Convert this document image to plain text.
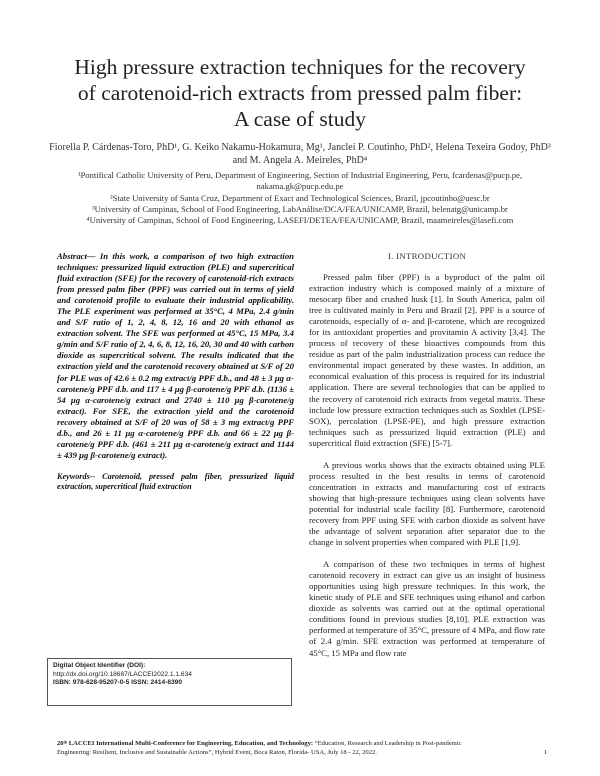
High pressure extraction techniques for the recovery
of carotenoid-rich extracts from pressed palm fiber:
A case of study
Fiorella P. Cárdenas-Toro, PhD¹, G. Keiko Nakamu-Hokamura, Mg¹, Janclei P. Coutinho, PhD², Helena Texeira Godoy, PhD³
and M. Angela A. Meireles, PhD⁴
¹Pontifical Catholic University of Peru, Department of Engineering, Section of Industrial Engineering, Peru, fcardenas@pucp.pe,
nakama.gk@pucp.edu.pe
²State University of Santa Cruz, Department of Exact and Technological Sciences, Brazil, jpcoutinho@uesc.br
³University of Campinas, School of Food Engineering, LabAnálise/DCA/FEA/UNICAMP, Brazil, helenatg@unicamp.br
⁴University of Campinas, School of Food Engineering, LASEFI/DETEA/FEA/UNICAMP, Brazil, maameireles@lasefi.com

Abstract— In this work, a comparison of two high extraction techniques: pressurized liquid extraction (PLE) and supercritical fluid extraction (SFE) for the recovery of carotenoid-rich extracts from pressed palm fiber (PPF) was carried out in terms of yield and carotenoid profile to evaluate their industrial applicability. The PLE experiment was performed at 35°C, 4 MPa, 2.4 g/min and S/F ratio of 1, 2, 4, 8, 12, 16 and 20 with ethanol as extraction solvent. The SFE was performed at 45°C, 15 MPa, 3.4 g/min and S/F ratio of 2, 4, 6, 8, 12, 16, 20, 30 and 40 with carbon dioxide as supercritical solvent. The results indicated that the extraction yield and the carotenoid recovery obtained at S/F of 20 for PLE was of 42.6 ± 0.2 mg extract/g PPF d.b., and 48 ± 3 μg α-carotene/g PPF d.b. and 117 ± 4 μg β-carotene/g PPF d.b. (1136 ± 54 μg α-carotene/g extract and 2740 ± 110 μg β-carotene/g extract). For SFE, the extraction yield and the carotenoid recovery obtained at S/F of 20 was of 58 ± 3 mg extract/g PPF d.b., and 26 ± 11 μg α-carotene/g PPF d.b. and 66 ± 22 μg β-carotene/g PPF d.b. (461 ± 211 μg α-carotene/g extract and 1144 ± 439 μg β-carotene/g extract).

Keywords-- Carotenoid, pressed palm fiber, pressurized liquid extraction, supercritical fluid extraction

Digital Object Identifier (DOI):
http://dx.doi.org/10.18687/LACCEI2022.1.1.634
ISBN: 978-628-95207-0-5 ISSN: 2414-6390
I. INTRODUCTION

Pressed palm fiber (PPF) is a byproduct of the palm oil extraction industry which is composed mainly of a mixture of mesocarp fiber and crushed husk [1]. In South America, palm oil tree is cultivated mainly in Peru and Brazil [2]. PPF is a source of carotenoids, especially of α- and β-carotene, which are recognized for its antioxidant properties and provitamin A activity [3,4]. The process of recovery of these bioactives compounds from this residue as part of the palm industrialization process can reduce the environmental impact generated by these wastes. In addition, an economical evaluation of this process is required for its industrial application. There are several technologies that can be applied to the recovery of carotenoid rich extracts from vegetal matrix. These include low pressure extraction techniques such as Soxhlet (LPSE-SOX), percolation (LPSE-PE), and high pressure extraction techniques such as pressurized liquid extraction (PLE) and supercritical fluid extraction (SFE) [5-7].

A previous works shows that the extracts obtained using PLE process resulted in the best results in terms of carotenoid concentration in extracts and manufacturing cost of extracts showing that high-pressure techniques using clean solvents have potential for industrial scale facility [8]. Furthermore, carotenoid recovery from PPF using SFE with carbon dioxide as solvent have the advantage of solvent separation after separator due to the change in solvent properties when compared with PLE [1,9].

A comparison of these two techniques in terms of highest carotenoid recovery in extract can give us an insight of business opportunities using high pressure techniques. In this work, the kinetic study of PLE and SFE techniques using ethanol and carbon dioxide as solvents was carried out at the optimal operational conditions found in previous studies [8,10]. PLE extraction was performed at temperature of 35°C, pressure of 4 MPa, and flow rate of 2.4 g/min. SFE extraction was performed at temperature of 45°C, 15 MPa and flow rate

20ᵗʰ LACCEI International Multi-Conference for Engineering, Education, and Technology: “Education, Research and Leadership in Post-pandemic
Engineering: Resilient, Inclusive and Sustainable Actions”, Hybrid Event, Boca Raton, Florida- USA, July 18 - 22, 2022.	1
